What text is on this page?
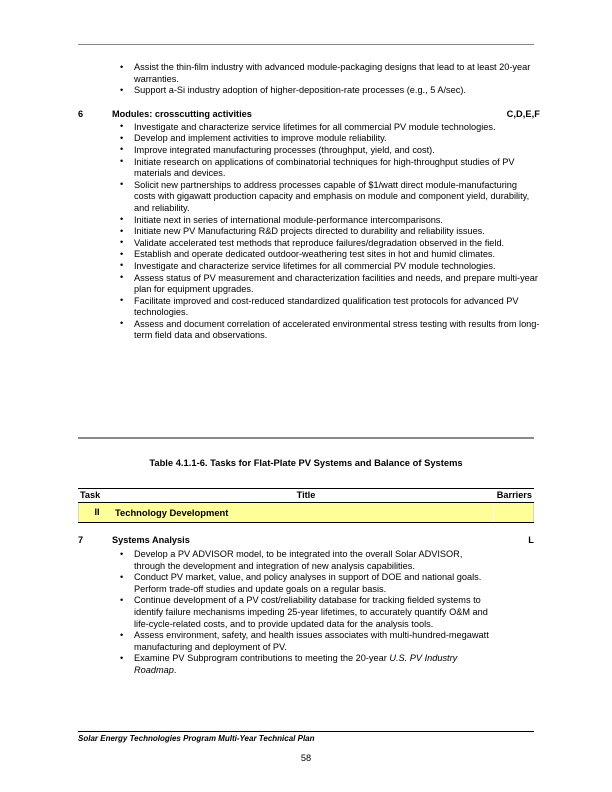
• Assist the thin-film industry with advanced module-packaging designs that lead to at least 20-year warranties.
• Support a-Si industry adoption of higher-deposition-rate processes (e.g., 5 A/sec).
6	Modules: crosscutting activities	C,D,E,F
• Investigate and characterize service lifetimes for all commercial PV module technologies.
• Develop and implement activities to improve module reliability.
• Improve integrated manufacturing processes (throughput, yield, and cost).
• Initiate research on applications of combinatorial techniques for high-throughput studies of PV materials and devices.
• Solicit new partnerships to address processes capable of $1/watt direct module-manufacturing costs with gigawatt production capacity and emphasis on module and component yield, durability, and reliability.
• Initiate next in series of international module-performance intercomparisons.
• Initiate new PV Manufacturing R&D projects directed to durability and reliability issues.
• Validate accelerated test methods that reproduce failures/degradation observed in the field.
• Establish and operate dedicated outdoor-weathering test sites in hot and humid climates.
• Investigate and characterize service lifetimes for all commercial PV module technologies.
• Assess status of PV measurement and characterization facilities and needs, and prepare multi-year plan for equipment upgrades.
• Facilitate improved and cost-reduced standardized qualification test protocols for advanced PV technologies.
• Assess and document correlation of accelerated environmental stress testing with results from long-term field data and observations.
Table 4.1.1-6. Tasks for Flat-Plate PV Systems and Balance of Systems
Task	Title	Barriers
II	Technology Development
7	Systems Analysis	L
• Develop a PV ADVISOR model, to be integrated into the overall Solar ADVISOR, through the development and integration of new analysis capabilities.
• Conduct PV market, value, and policy analyses in support of DOE and national goals. Perform trade-off studies and update goals on a regular basis.
• Continue development of a PV cost/reliability database for tracking fielded systems to identify failure mechanisms impeding 25-year lifetimes, to accurately quantify O&M and life-cycle-related costs, and to provide updated data for the analysis tools.
• Assess environment, safety, and health issues associates with multi-hundred-megawatt manufacturing and deployment of PV.
• Examine PV Subprogram contributions to meeting the 20-year U.S. PV Industry Roadmap.
Solar Energy Technologies Program Multi-Year Technical Plan
58
